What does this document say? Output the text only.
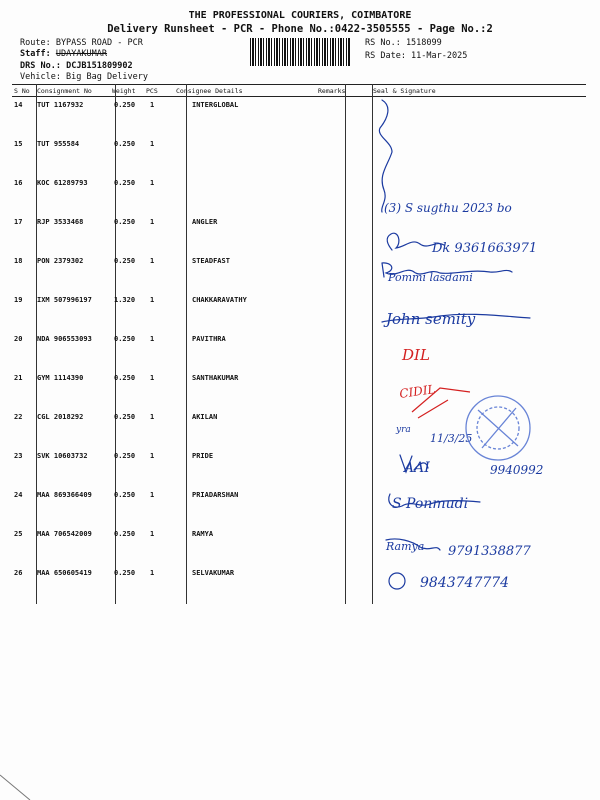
THE PROFESSIONAL COURIERS, COIMBATORE
Delivery Runsheet - PCR - Phone No.:0422-3505555 - Page No.:2
Route: BYPASS ROAD - PCR
Staff: UDAYAKUMAR
DRS No.: DCJB151809902
Vehicle: Big Bag Delivery
RS No.: 1518099
RS Date: 11-Mar-2025
S No Consignment No	Weight PCS	Consignee Details	Remarks	Seal & Signature
14 TUT 1167932	0.250 1	INTERGLOBAL
15 TUT 955584	0.250 1
16 KOC 61289793	0.250 1
17 RJP 3533468	0.250 1	ANGLER
18 PON 2379302	0.250 1	STEADFAST
19 IXM 507996197	1.320 1	CHAKKARAVATHY
20 NDA 906553093	0.250 1	PAVITHRA
21 GYM 1114390	0.250 1	SANTHAKUMAR
22 CGL 2018292	0.250 1	AKILAN
23 SVK 10603732	0.250 1	PRIDE
24 MAA 869366409	0.250 1	PRIADARSHAN
25 MAA 706542009	0.250 1	RAMYA
26 MAA 650605419	0.250 1	SELVAKUMAR
(3) S sugthu 2023 bo
Dk 9361663971
Pommi lasdami
John semity
yra
11/3/25
AAI	9940992
S Ponmudi
Ramya 9791338877
9843747774
DIL
CIDIL
